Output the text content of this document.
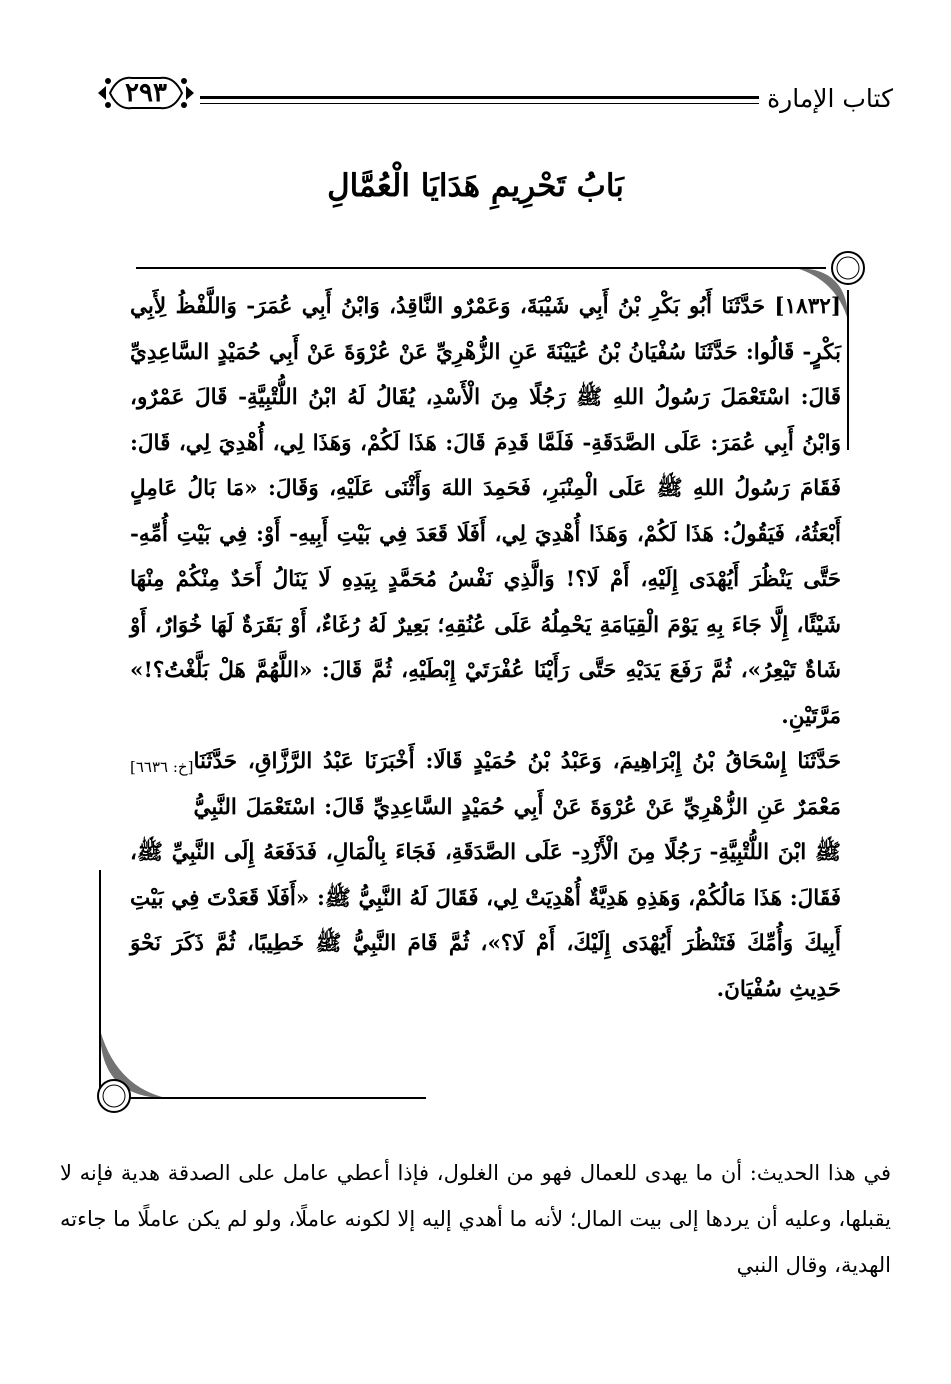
كتاب الإمارة
٢٩٣
بَابُ تَحْرِيمِ هَدَايَا الْعُمَّالِ

[١٨٣٢] حَدَّثَنَا أَبُو بَكْرِ بْنُ أَبِي شَيْبَةَ، وَعَمْرٌو النَّاقِدُ، وَابْنُ أَبِي عُمَرَ- وَاللَّفْظُ لِأَبِي بَكْرٍ- قَالُوا: حَدَّثَنَا سُفْيَانُ بْنُ عُيَيْنَةَ عَنِ الزُّهْرِيِّ عَنْ عُرْوَةَ عَنْ أَبِي حُمَيْدٍ السَّاعِدِيِّ قَالَ: اسْتَعْمَلَ رَسُولُ اللهِ ﷺ رَجُلًا مِنَ الْأَسْدِ، يُقَالُ لَهُ ابْنُ اللُّتْبِيَّةِ- قَالَ عَمْرٌو، وَابْنُ أَبِي عُمَرَ: عَلَى الصَّدَقَةِ- فَلَمَّا قَدِمَ قَالَ: هَذَا لَكُمْ، وَهَذَا لِي، أُهْدِيَ لِي، قَالَ: فَقَامَ رَسُولُ اللهِ ﷺ عَلَى الْمِنْبَرِ، فَحَمِدَ اللهَ وَأَثْنَى عَلَيْهِ، وَقَالَ: «مَا بَالُ عَامِلٍ أَبْعَثُهُ، فَيَقُولُ: هَذَا لَكُمْ، وَهَذَا أُهْدِيَ لِي، أَفَلَا قَعَدَ فِي بَيْتِ أَبِيهِ- أَوْ: فِي بَيْتِ أُمِّهِ- حَتَّى يَنْظُرَ أَيُهْدَى إِلَيْهِ، أَمْ لَا؟! وَالَّذِي نَفْسُ مُحَمَّدٍ بِيَدِهِ لَا يَنَالُ أَحَدٌ مِنْكُمْ مِنْهَا شَيْئًا، إِلَّا جَاءَ بِهِ يَوْمَ الْقِيَامَةِ يَحْمِلُهُ عَلَى عُنُقِهِ؛ بَعِيرٌ لَهُ رُغَاءٌ، أَوْ بَقَرَةٌ لَهَا خُوَارٌ، أَوْ شَاةٌ تَيْعِرُ»، ثُمَّ رَفَعَ يَدَيْهِ حَتَّى رَأَيْنَا عُفْرَتَيْ إِبْطَيْهِ، ثُمَّ قَالَ: «اللَّهُمَّ هَلْ بَلَّغْتُ؟!» مَرَّتَيْنِ.

[خ: ٦٦٣٦] حَدَّثَنَا إِسْحَاقُ بْنُ إِبْرَاهِيمَ، وَعَبْدُ بْنُ حُمَيْدٍ قَالَا: أَخْبَرَنَا عَبْدُ الرَّزَّاقِ، حَدَّثَنَا مَعْمَرٌ عَنِ الزُّهْرِيِّ عَنْ عُرْوَةَ عَنْ أَبِي حُمَيْدٍ السَّاعِدِيِّ قَالَ: اسْتَعْمَلَ النَّبِيُّ ﷺ ابْنَ اللُّتْبِيَّةِ- رَجُلًا مِنَ الْأَزْدِ- عَلَى الصَّدَقَةِ، فَجَاءَ بِالْمَالِ، فَدَفَعَهُ إِلَى النَّبِيِّ ﷺ، فَقَالَ: هَذَا مَالُكُمْ، وَهَذِهِ هَدِيَّةٌ أُهْدِيَتْ لِي، فَقَالَ لَهُ النَّبِيُّ ﷺ: «أَفَلَا قَعَدْتَ فِي بَيْتِ أَبِيكَ وَأُمِّكَ فَتَنْظُرَ أَيُهْدَى إِلَيْكَ، أَمْ لَا؟»، ثُمَّ قَامَ النَّبِيُّ ﷺ خَطِيبًا، ثُمَّ ذَكَرَ نَحْوَ حَدِيثِ سُفْيَانَ.

في هذا الحديث: أن ما يهدى للعمال فهو من الغلول، فإذا أعطي عامل على الصدقة هدية فإنه لا يقبلها، وعليه أن يردها إلى بيت المال؛ لأنه ما أهدي إليه إلا لكونه عاملًا، ولو لم يكن عاملًا ما جاءته الهدية، وقال النبي
